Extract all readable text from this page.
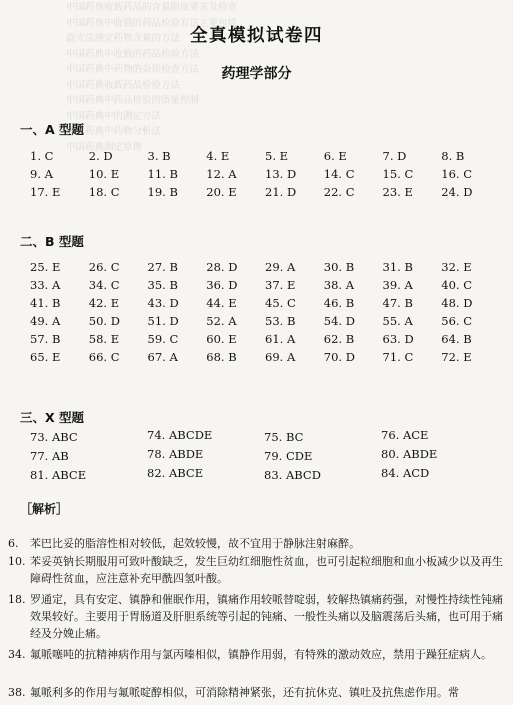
中国药典收载药品的含量限度要求及检查
中国药典中收载的药品检验方法主要包括
旋光法测定药物含量的方法
中国药典中收载的药品检验方法
中国药典中药物的杂质检查方法
中国药典收载药品检验方法
中国药典中药品检验的质量控制
中国药典中的测定方法
中国药典中药物分析法
中国药典测定原理
全真模拟试卷四
药理学部分
一、A 型题
1. C	2. D	3. B	4. E	5. E	6. E	7. D	8. B
9. A	10. E	11. B	12. A	13. D	14. C	15. C	16. C
17. E	18. C	19. B	20. E	21. D	22. C	23. E	24. D
二、B 型题
25. E	26. C	27. B	28. D	29. A	30. B	31. B	32. E
33. A	34. C	35. B	36. D	37. E	38. A	39. A	40. C
41. B	42. E	43. D	44. E	45. C	46. B	47. B	48. D
49. A	50. D	51. D	52. A	53. B	54. D	55. A	56. C
57. B	58. E	59. C	60. E	61. A	62. B	63. D	64. B
65. E	66. C	67. A	68. B	69. A	70. D	71. C	72. E
三、X 型题
73. ABC	74. ABCDE	75. BC	76. ACE
77. AB	78. ABDE	79. CDE	80. ABDE
81. ABCE	82. ABCE	83. ABCD	84. ACD
［解析］
6. 苯巴比妥的脂溶性相对较低，起效较慢，故不宜用于静脉注射麻醉。
10. 苯妥英钠长期服用可致叶酸缺乏，发生巨幼红细胞性贫血，也可引起粒细胞和血小板减少以及再生障碍性贫血，应注意补充甲酰四氢叶酸。
18. 罗通定，具有安定、镇静和催眠作用，镇痛作用较哌替啶弱，较解热镇痛药强，对慢性持续性钝痛效果较好。主要用于胃肠道及肝胆系统等引起的钝痛、一般性头痛以及脑震荡后头痛，也可用于痛经及分娩止痛。
34. 氟哌噻吨的抗精神病作用与氯丙嗪相似，镇静作用弱，有特殊的激动效应，禁用于躁狂症病人。
38. 氟哌利多的作用与氟哌啶醇相似，可消除精神紧张，还有抗休克、镇吐及抗焦虑作用。常
